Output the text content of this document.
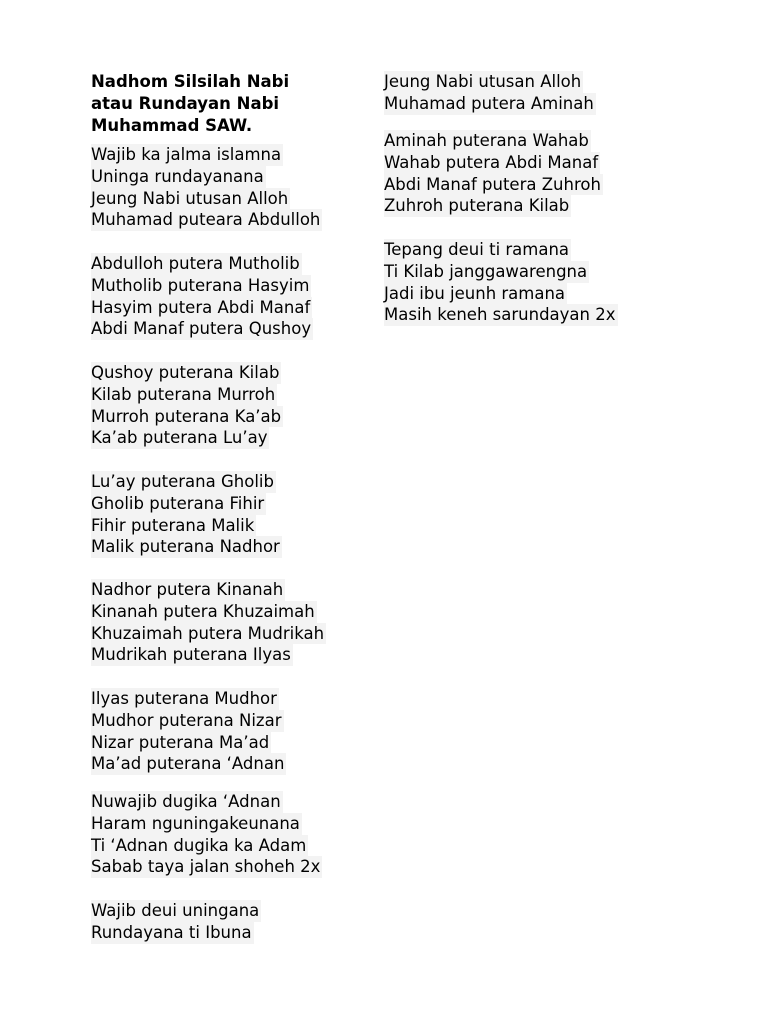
Nadhom Silsilah Nabi
atau Rundayan Nabi
Muhammad SAW.
Wajib ka jalma islamna
Uninga rundayanana
Jeung Nabi utusan Alloh
Muhamad puteara Abdulloh
Abdulloh putera Mutholib
Mutholib puterana Hasyim
Hasyim putera Abdi Manaf
Abdi Manaf putera Qushoy
Qushoy puterana Kilab
Kilab puterana Murroh
Murroh puterana Ka’ab
Ka’ab puterana Lu’ay
Lu’ay puterana Gholib
Gholib puterana Fihir
Fihir puterana Malik
Malik puterana Nadhor
Nadhor putera Kinanah
Kinanah putera Khuzaimah
Khuzaimah putera Mudrikah
Mudrikah puterana Ilyas
Ilyas puterana Mudhor
Mudhor puterana Nizar
Nizar puterana Ma’ad
Ma’ad puterana ‘Adnan
Nuwajib dugika ‘Adnan
Haram nguningakeunana
Ti ‘Adnan dugika ka Adam
Sabab taya jalan shoheh 2x
Wajib deui uningana
Rundayana ti Ibuna
Jeung Nabi utusan Alloh
Muhamad putera Aminah
Aminah puterana Wahab
Wahab putera Abdi Manaf
Abdi Manaf putera Zuhroh
Zuhroh puterana Kilab
Tepang deui ti ramana
Ti Kilab janggawarengna
Jadi ibu jeunh ramana
Masih keneh sarundayan 2x
